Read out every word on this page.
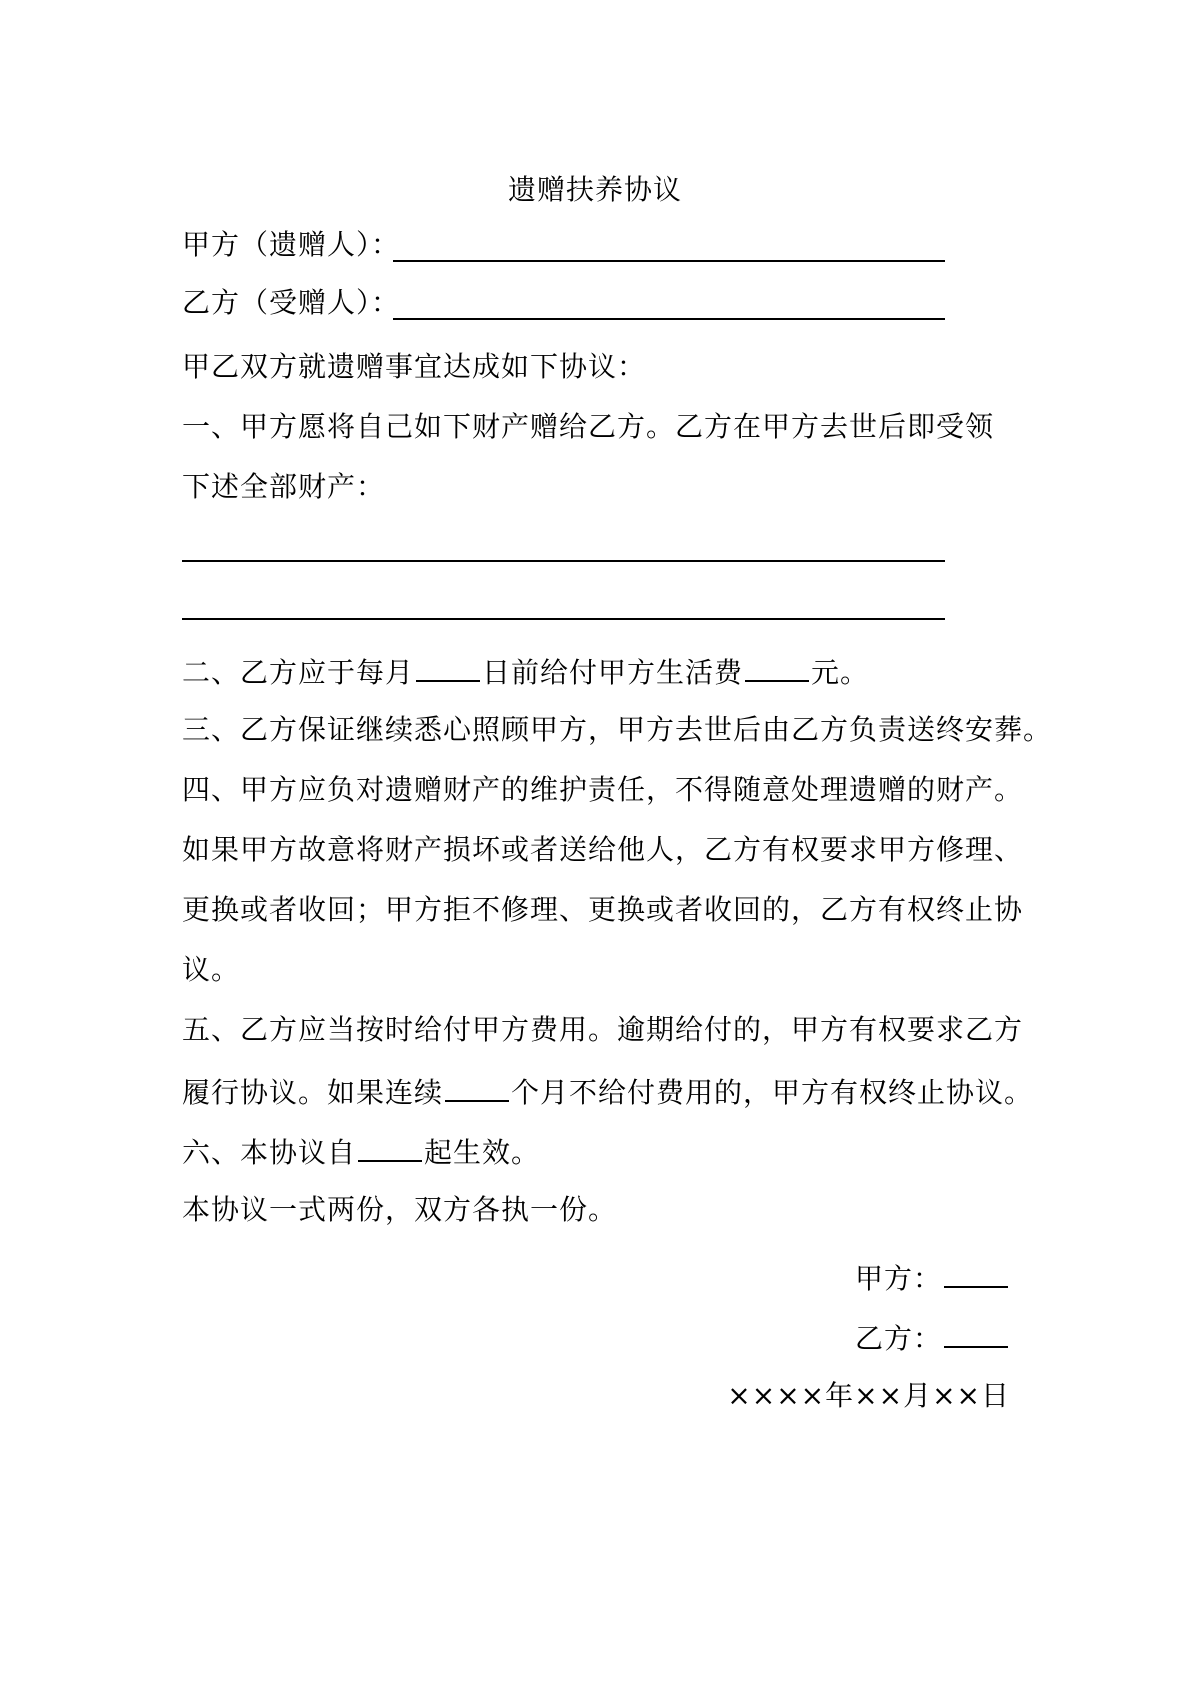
遗赠扶养协议
甲方（遗赠人）：
乙方（受赠人）：
甲乙双方就遗赠事宜达成如下协议：
一、甲方愿将自己如下财产赠给乙方。乙方在甲方去世后即受领
下述全部财产：
二、乙方应于每月 日前给付甲方生活费 元。
三、乙方保证继续悉心照顾甲方，甲方去世后由乙方负责送终安葬。
四、甲方应负对遗赠财产的维护责任，不得随意处理遗赠的财产。
如果甲方故意将财产损坏或者送给他人，乙方有权要求甲方修理、
更换或者收回；甲方拒不修理、更换或者收回的，乙方有权终止协
议。
五、乙方应当按时给付甲方费用。逾期给付的，甲方有权要求乙方
履行协议。如果连续 个月不给付费用的，甲方有权终止协议。
六、本协议自 起生效。
本协议一式两份，双方各执一份。
甲方：
乙方：
××××年××月××日
